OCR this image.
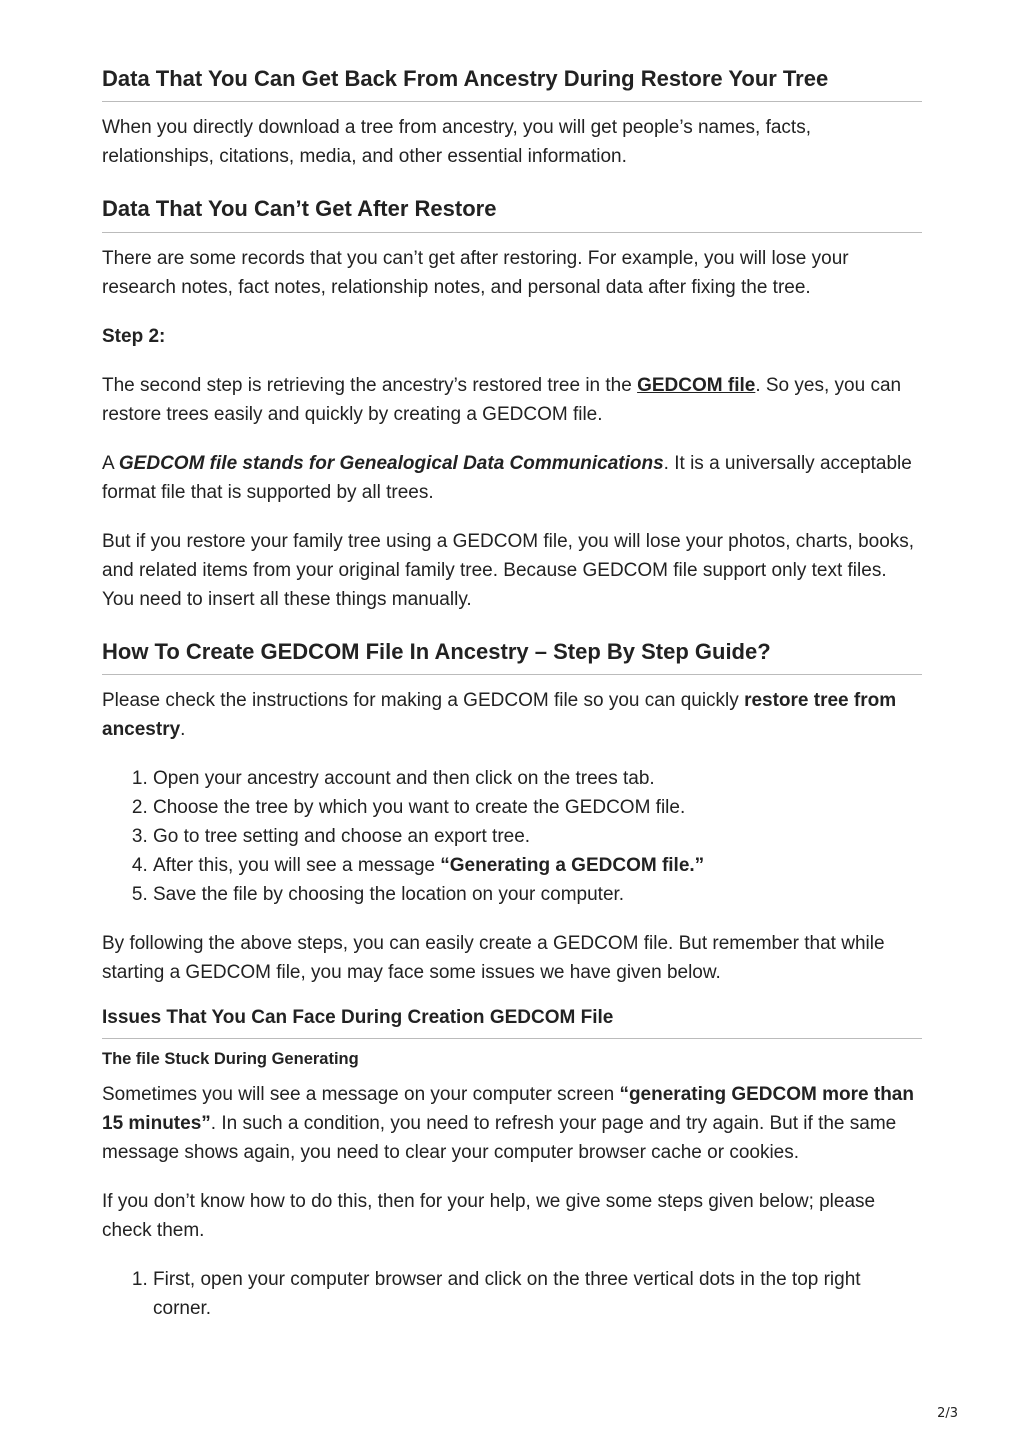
Data That You Can Get Back From Ancestry During Restore Your Tree

When you directly download a tree from ancestry, you will get people’s names, facts, relationships, citations, media, and other essential information.

Data That You Can’t Get After Restore

There are some records that you can’t get after restoring. For example, you will lose your research notes, fact notes, relationship notes, and personal data after fixing the tree.

Step 2:

The second step is retrieving the ancestry’s restored tree in the GEDCOM file. So yes, you can restore trees easily and quickly by creating a GEDCOM file.

A GEDCOM file stands for Genealogical Data Communications. It is a universally acceptable format file that is supported by all trees.

But if you restore your family tree using a GEDCOM file, you will lose your photos, charts, books, and related items from your original family tree. Because GEDCOM file support only text files. You need to insert all these things manually.

How To Create GEDCOM File In Ancestry – Step By Step Guide?

Please check the instructions for making a GEDCOM file so you can quickly restore tree from ancestry.

1. Open your ancestry account and then click on the trees tab.
2. Choose the tree by which you want to create the GEDCOM file.
3. Go to tree setting and choose an export tree.
4. After this, you will see a message “Generating a GEDCOM file.”
5. Save the file by choosing the location on your computer.

By following the above steps, you can easily create a GEDCOM file. But remember that while starting a GEDCOM file, you may face some issues we have given below.

Issues That You Can Face During Creation GEDCOM File
The file Stuck During Generating

Sometimes you will see a message on your computer screen “generating GEDCOM more than 15 minutes”. In such a condition, you need to refresh your page and try again. But if the same message shows again, you need to clear your computer browser cache or cookies.

If you don’t know how to do this, then for your help, we give some steps given below; please check them.

1. First, open your computer browser and click on the three vertical dots in the top right corner.
2/3
